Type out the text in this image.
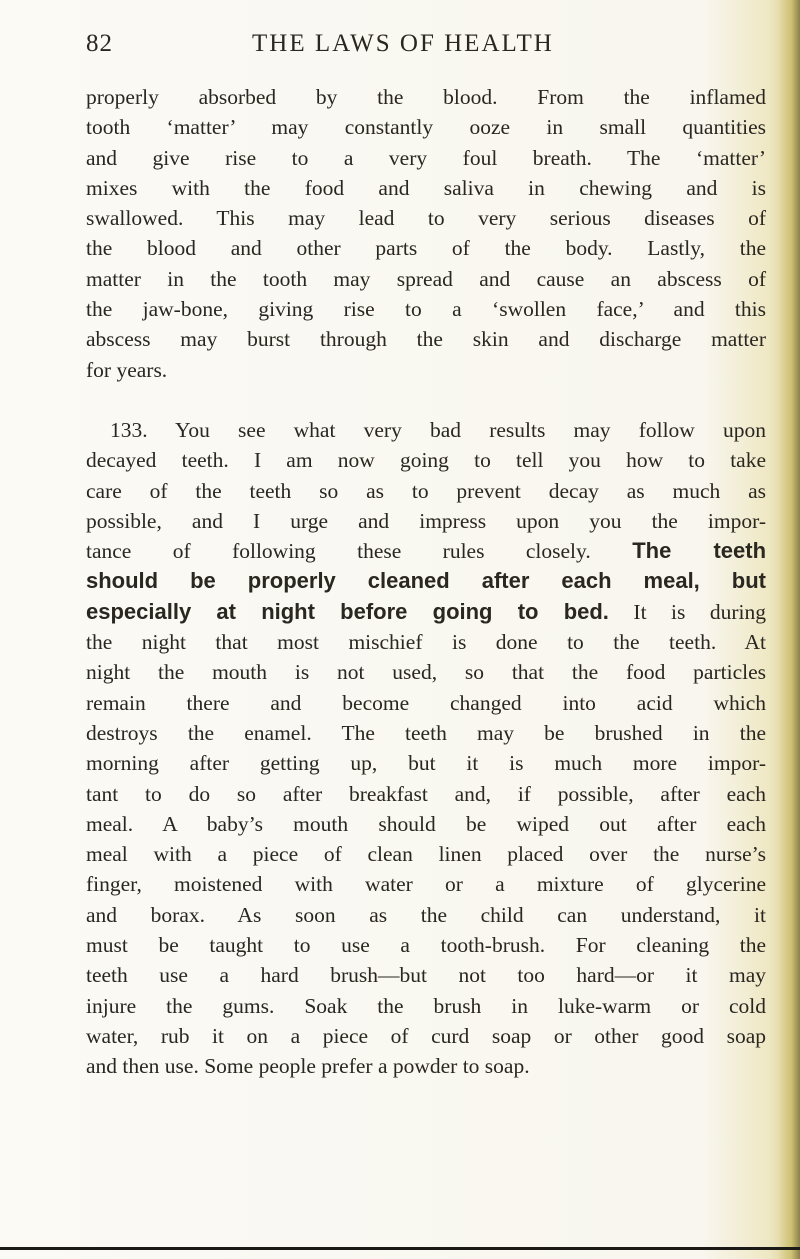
82	THE LAWS OF HEALTH
properly absorbed by the blood. From the inflamed
tooth ‘matter’ may constantly ooze in small quantities
and give rise to a very foul breath. The ‘matter’
mixes with the food and saliva in chewing and is
swallowed. This may lead to very serious diseases of
the blood and other parts of the body. Lastly, the
matter in the tooth may spread and cause an abscess of
the jaw-bone, giving rise to a ‘swollen face,’ and this
abscess may burst through the skin and discharge matter
for years.
133. You see what very bad results may follow upon
decayed teeth. I am now going to tell you how to take
care of the teeth so as to prevent decay as much as
possible, and I urge and impress upon you the impor-
tance of following these rules closely. The teeth
should be properly cleaned after each meal, but
especially at nig‌ht before g‌oing‌ to bed. It is during
the night that most mischief is done to the teeth. At
night the mouth is not used, so that the food particles
remain there and become changed into acid which
destroys the enamel. The teeth may be brushed in the
morning after getting up, but it is much more impor-
tant to do so after breakfast and, if possible, after each
meal. A baby’s mouth should be wiped out after each
meal with a piece of clean linen placed over the nurse’s
finger, moistened with water or a mixture of glycerine
and borax. As soon as the child can understand, it
must be taught to use a tooth-brush. For cleaning the
teeth use a hard brush—but not too hard—or it may
injure the gums. Soak the brush in luke-warm or cold
water, rub it on a piece of curd soap or other good soap
and then use. Some people prefer a powder to soap.
